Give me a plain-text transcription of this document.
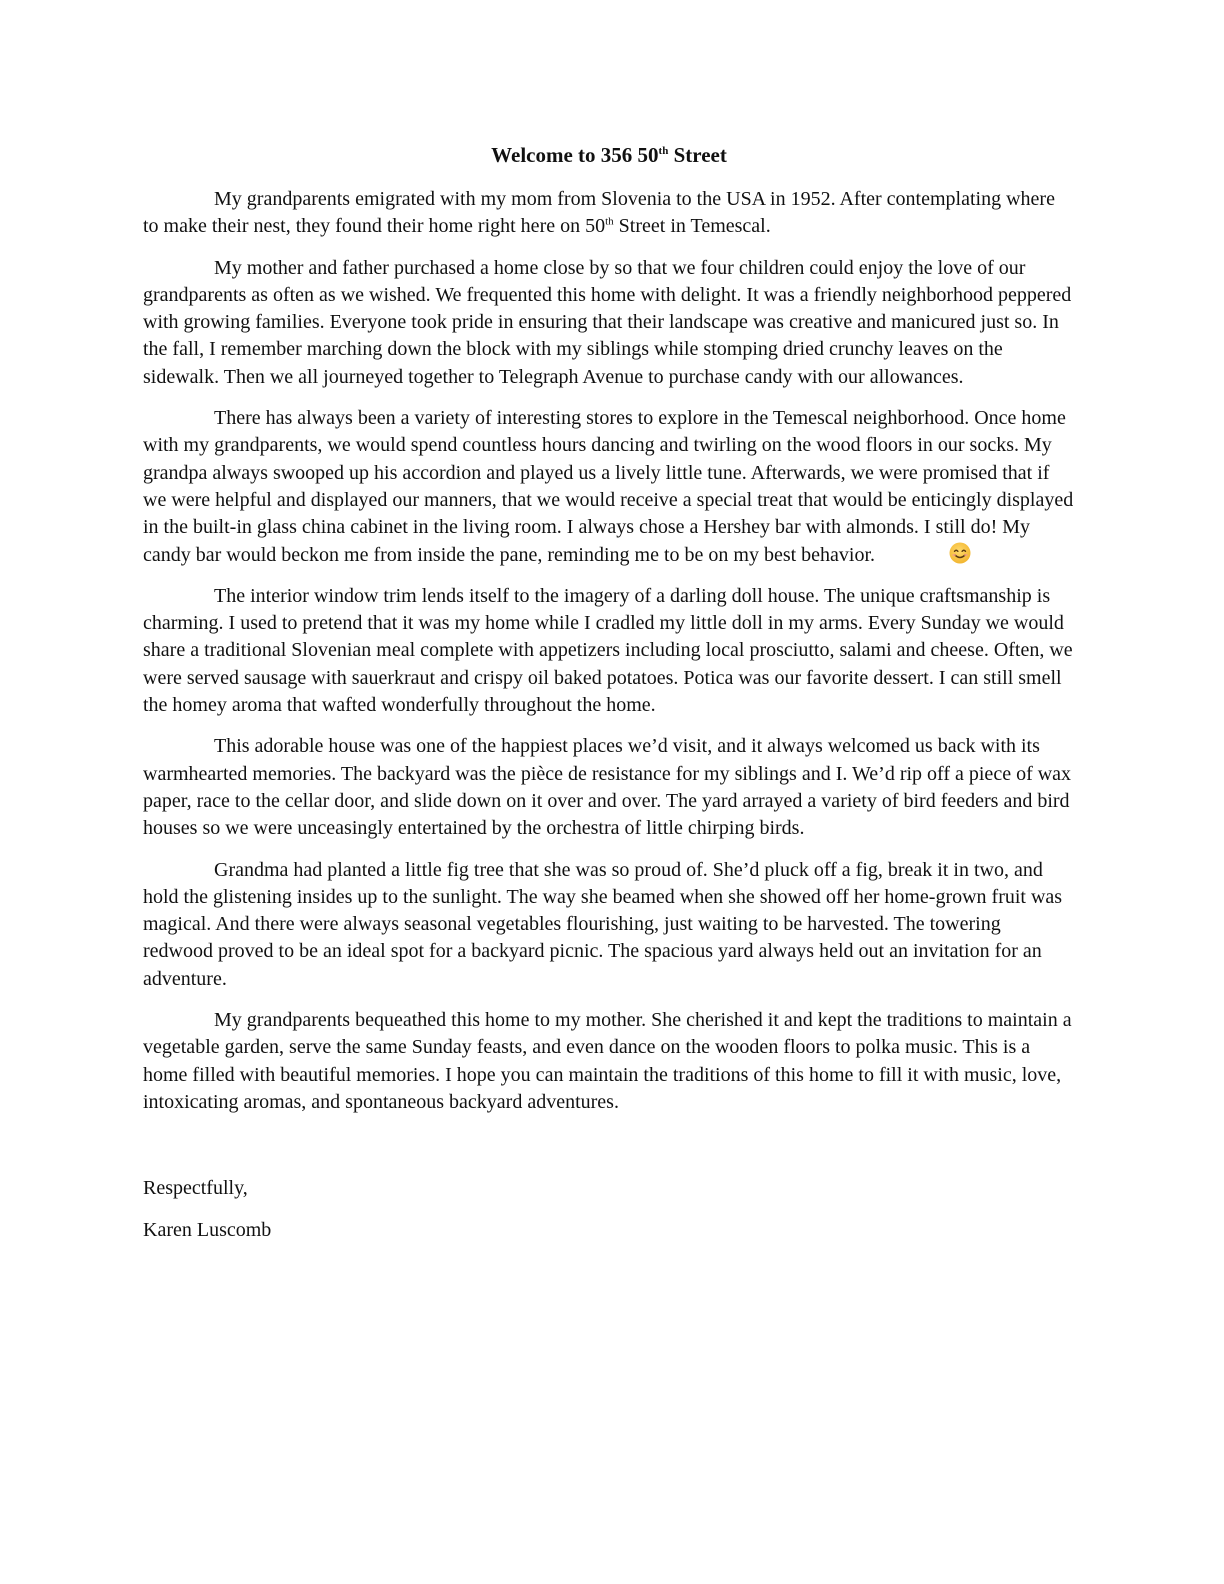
Welcome to 356 50th Street

My grandparents emigrated with my mom from Slovenia to the USA in 1952. After contemplating where to make their nest, they found their home right here on 50th Street in Temescal.

My mother and father purchased a home close by so that we four children could enjoy the love of our grandparents as often as we wished. We frequented this home with delight. It was a friendly neighborhood peppered with growing families. Everyone took pride in ensuring that their landscape was creative and manicured just so. In the fall, I remember marching down the block with my siblings while stomping dried crunchy leaves on the sidewalk. Then we all journeyed together to Telegraph Avenue to purchase candy with our allowances.

There has always been a variety of interesting stores to explore in the Temescal neighborhood. Once home with my grandparents, we would spend countless hours dancing and twirling on the wood floors in our socks. My grandpa always swooped up his accordion and played us a lively little tune. Afterwards, we were promised that if we were helpful and displayed our manners, that we would receive a special treat that would be enticingly displayed in the built-in glass china cabinet in the living room. I always chose a Hershey bar with almonds. I still do! My candy bar would beckon me from inside the pane, reminding me to be on my best behavior.

The interior window trim lends itself to the imagery of a darling doll house. The unique craftsmanship is charming. I used to pretend that it was my home while I cradled my little doll in my arms. Every Sunday we would share a traditional Slovenian meal complete with appetizers including local prosciutto, salami and cheese. Often, we were served sausage with sauerkraut and crispy oil baked potatoes. Potica was our favorite dessert. I can still smell the homey aroma that wafted wonderfully throughout the home.

This adorable house was one of the happiest places we’d visit, and it always welcomed us back with its warmhearted memories. The backyard was the pièce de resistance for my siblings and I. We’d rip off a piece of wax paper, race to the cellar door, and slide down on it over and over. The yard arrayed a variety of bird feeders and bird houses so we were unceasingly entertained by the orchestra of little chirping birds.

Grandma had planted a little fig tree that she was so proud of. She’d pluck off a fig, break it in two, and hold the glistening insides up to the sunlight. The way she beamed when she showed off her home-grown fruit was magical. And there were always seasonal vegetables flourishing, just waiting to be harvested. The towering redwood proved to be an ideal spot for a backyard picnic. The spacious yard always held out an invitation for an adventure.

My grandparents bequeathed this home to my mother. She cherished it and kept the traditions to maintain a vegetable garden, serve the same Sunday feasts, and even dance on the wooden floors to polka music. This is a home filled with beautiful memories. I hope you can maintain the traditions of this home to fill it with music, love, intoxicating aromas, and spontaneous backyard adventures.

Respectfully,

Karen Luscomb
